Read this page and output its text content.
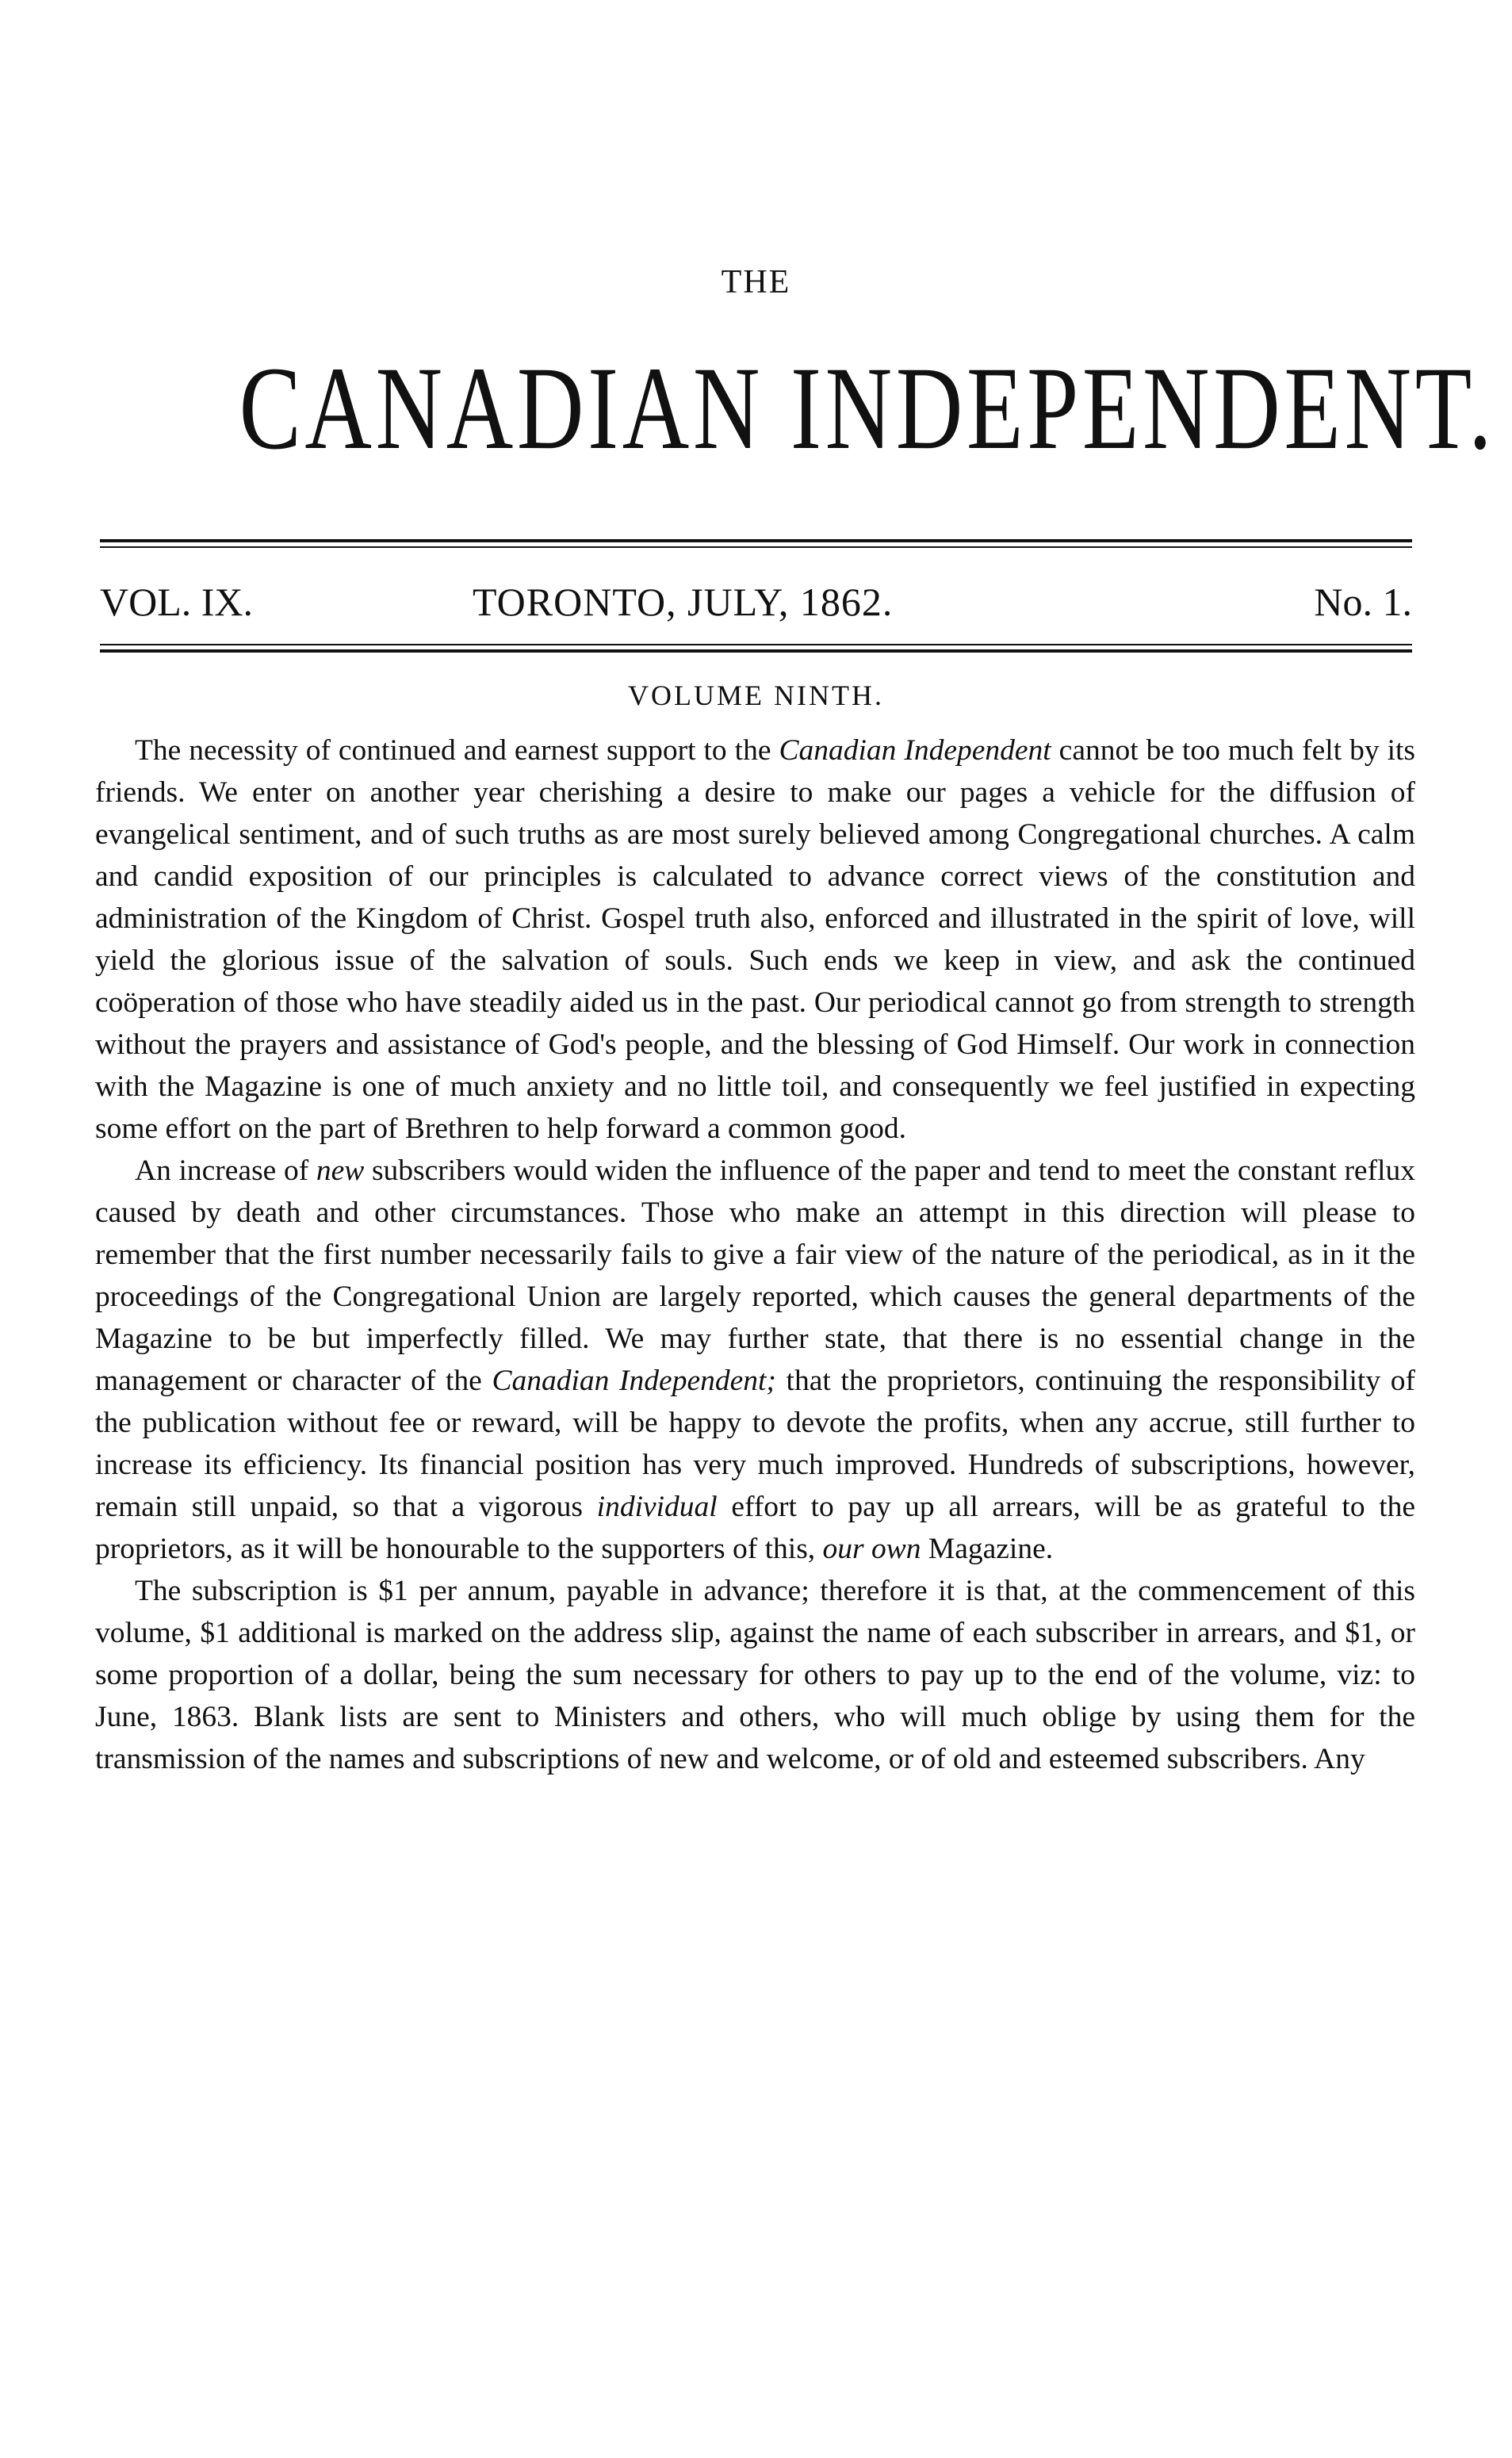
THE
CANADIAN INDEPENDENT.
VOL. IX.	TORONTO, JULY, 1862.	No. 1.
VOLUME NINTH.

The necessity of continued and earnest support to the Canadian Independent cannot be too much felt by its friends. We enter on another year cherishing a desire to make our pages a vehicle for the diffusion of evangelical sentiment, and of such truths as are most surely believed among Congregational churches. A calm and candid exposition of our principles is calculated to advance correct views of the constitution and administration of the Kingdom of Christ. Gospel truth also, enforced and illustrated in the spirit of love, will yield the glorious issue of the salvation of souls. Such ends we keep in view, and ask the continued coöperation of those who have steadily aided us in the past. Our periodical cannot go from strength to strength without the prayers and assistance of God's people, and the blessing of God Himself. Our work in connection with the Magazine is one of much anxiety and no little toil, and consequently we feel justified in expecting some effort on the part of Brethren to help forward a common good.

An increase of new subscribers would widen the influence of the paper and tend to meet the constant reflux caused by death and other circumstances. Those who make an attempt in this direction will please to remember that the first number necessarily fails to give a fair view of the nature of the periodical, as in it the proceedings of the Congregational Union are largely reported, which causes the general departments of the Magazine to be but imperfectly filled. We may further state, that there is no essential change in the management or character of the Canadian Independent; that the proprietors, continuing the responsibility of the publication without fee or reward, will be happy to devote the profits, when any accrue, still further to increase its efficiency. Its financial position has very much improved. Hundreds of subscriptions, however, remain still unpaid, so that a vigorous individual effort to pay up all arrears, will be as grateful to the proprietors, as it will be honourable to the supporters of this, our own Magazine.

The subscription is $1 per annum, payable in advance; therefore it is that, at the commencement of this volume, $1 additional is marked on the address slip, against the name of each subscriber in arrears, and $1, or some proportion of a dollar, being the sum necessary for others to pay up to the end of the volume, viz: to June, 1863. Blank lists are sent to Ministers and others, who will much oblige by using them for the transmission of the names and subscriptions of new and welcome, or of old and esteemed subscribers. Any
